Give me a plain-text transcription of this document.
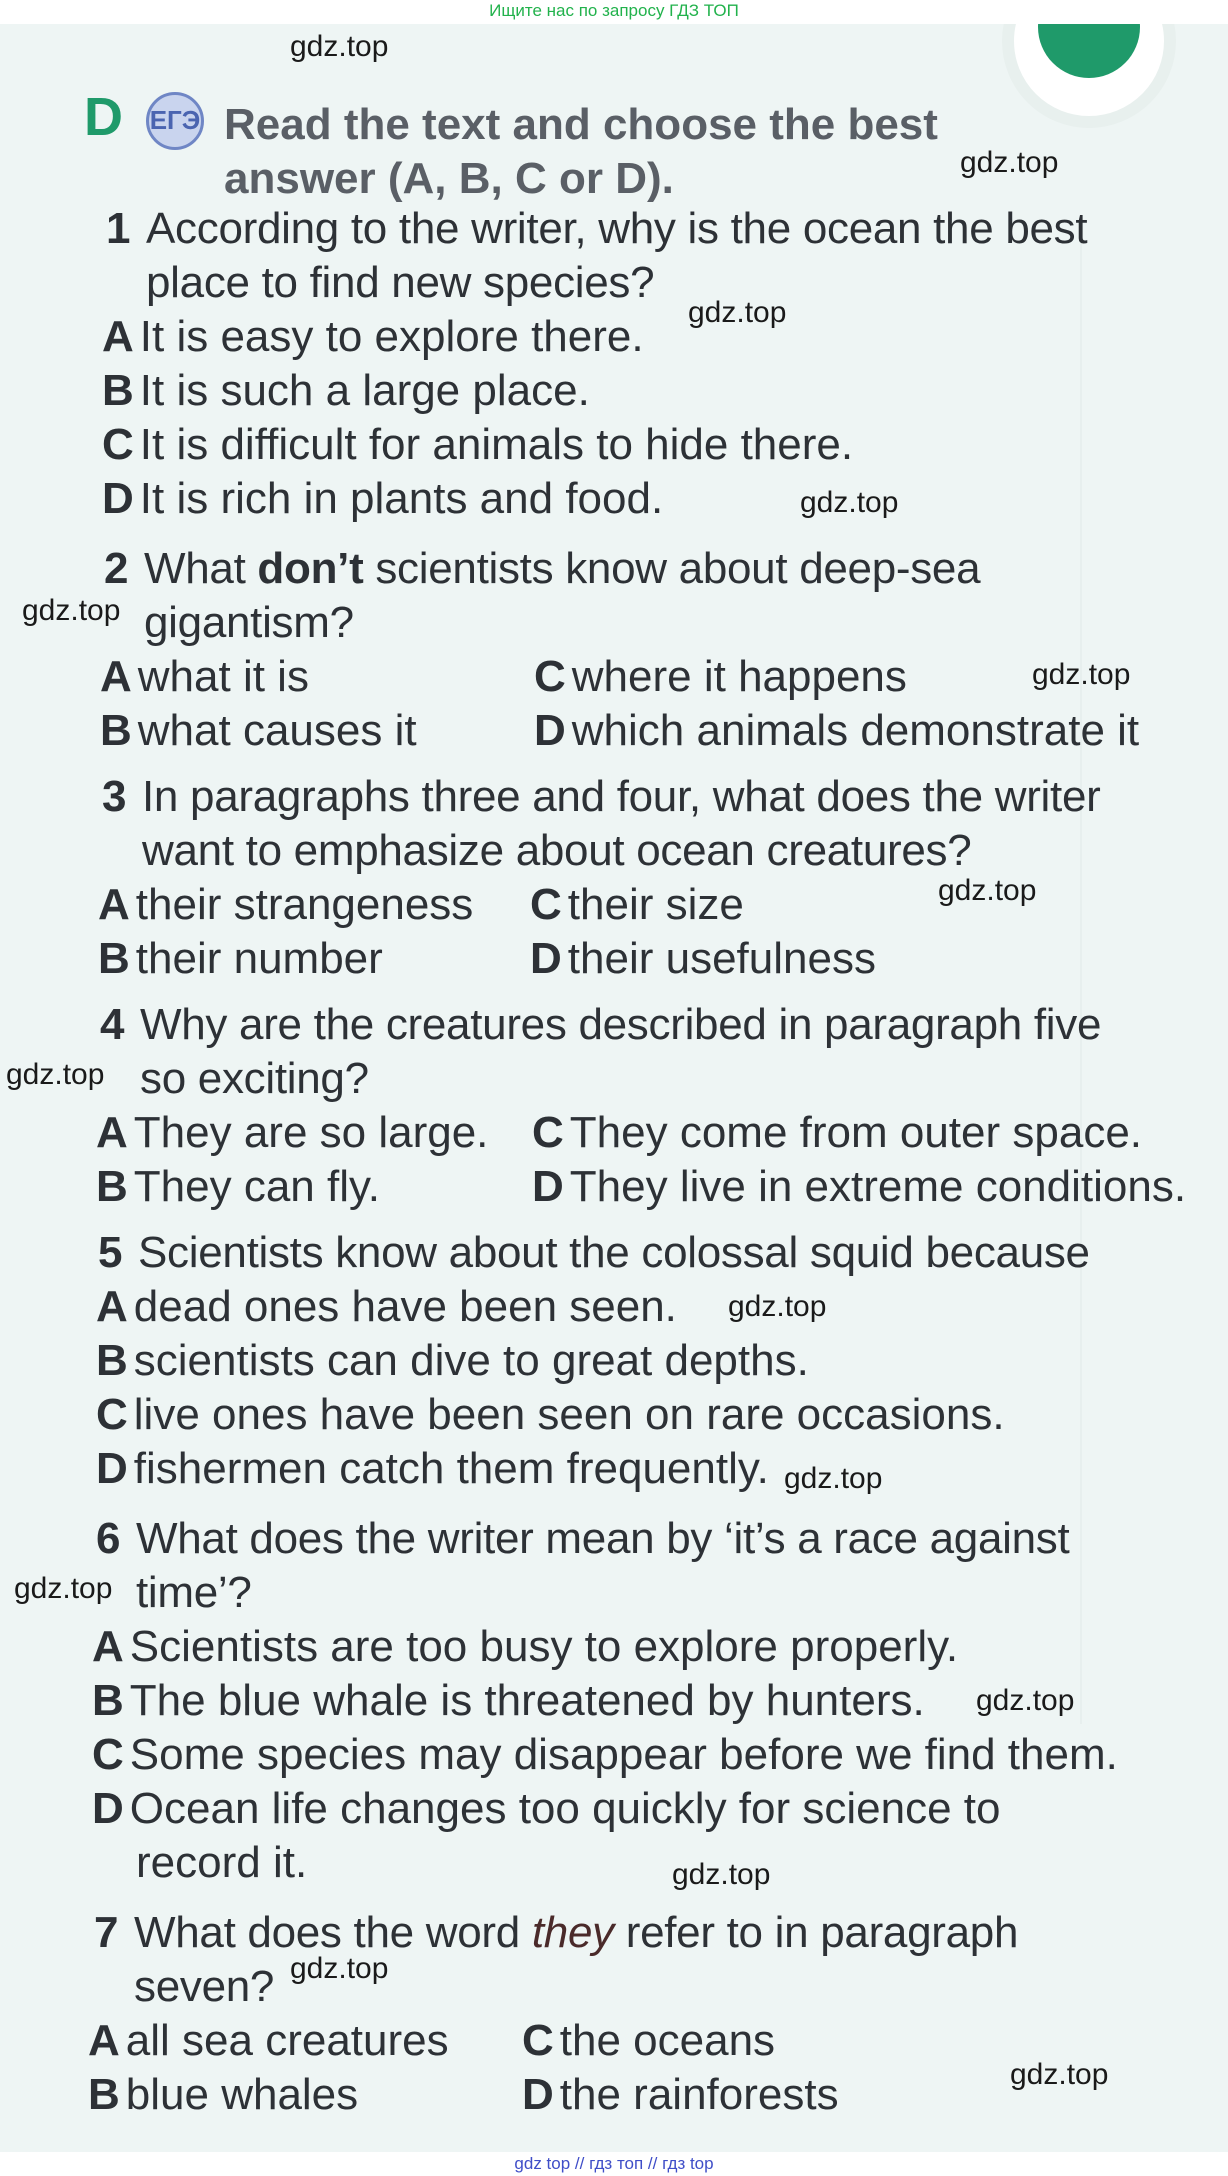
Ищите нас по запросу ГДЗ ТОП
D ЕГЭ Read the text and choose the best answer (A, B, C or D).
1 According to the writer, why is the ocean the best
place to find new species?
A It is easy to explore there.
B It is such a large place.
C It is difficult for animals to hide there.
D It is rich in plants and food.
2 What don’t scientists know about deep-sea
gigantism?
A what it is
B what causes it
C where it happens
D which animals demonstrate it
3 In paragraphs three and four, what does the writer
want to emphasize about ocean creatures?
A their strangeness
B their number
C their size
D their usefulness
4 Why are the creatures described in paragraph five
so exciting?
A They are so large.
B They can fly.
C They come from outer space.
D They live in extreme conditions.
5 Scientists know about the colossal squid because
A dead ones have been seen.
B scientists can dive to great depths.
C live ones have been seen on rare occasions.
D fishermen catch them frequently.
6 What does the writer mean by ‘it’s a race against
time’?
A Scientists are too busy to explore properly.
B The blue whale is threatened by hunters.
C Some species may disappear before we find them.
D Ocean life changes too quickly for science to
record it.
7 What does the word they refer to in paragraph
seven?
A all sea creatures
B blue whales
C the oceans
D the rainforests
gdz.top
gdz.top
gdz.top
gdz.top
gdz.top
gdz.top
gdz.top
gdz.top
gdz.top
gdz.top
gdz.top
gdz.top
gdz.top
gdz.top
gdz.top
gdz top // гдз топ // гдз top
